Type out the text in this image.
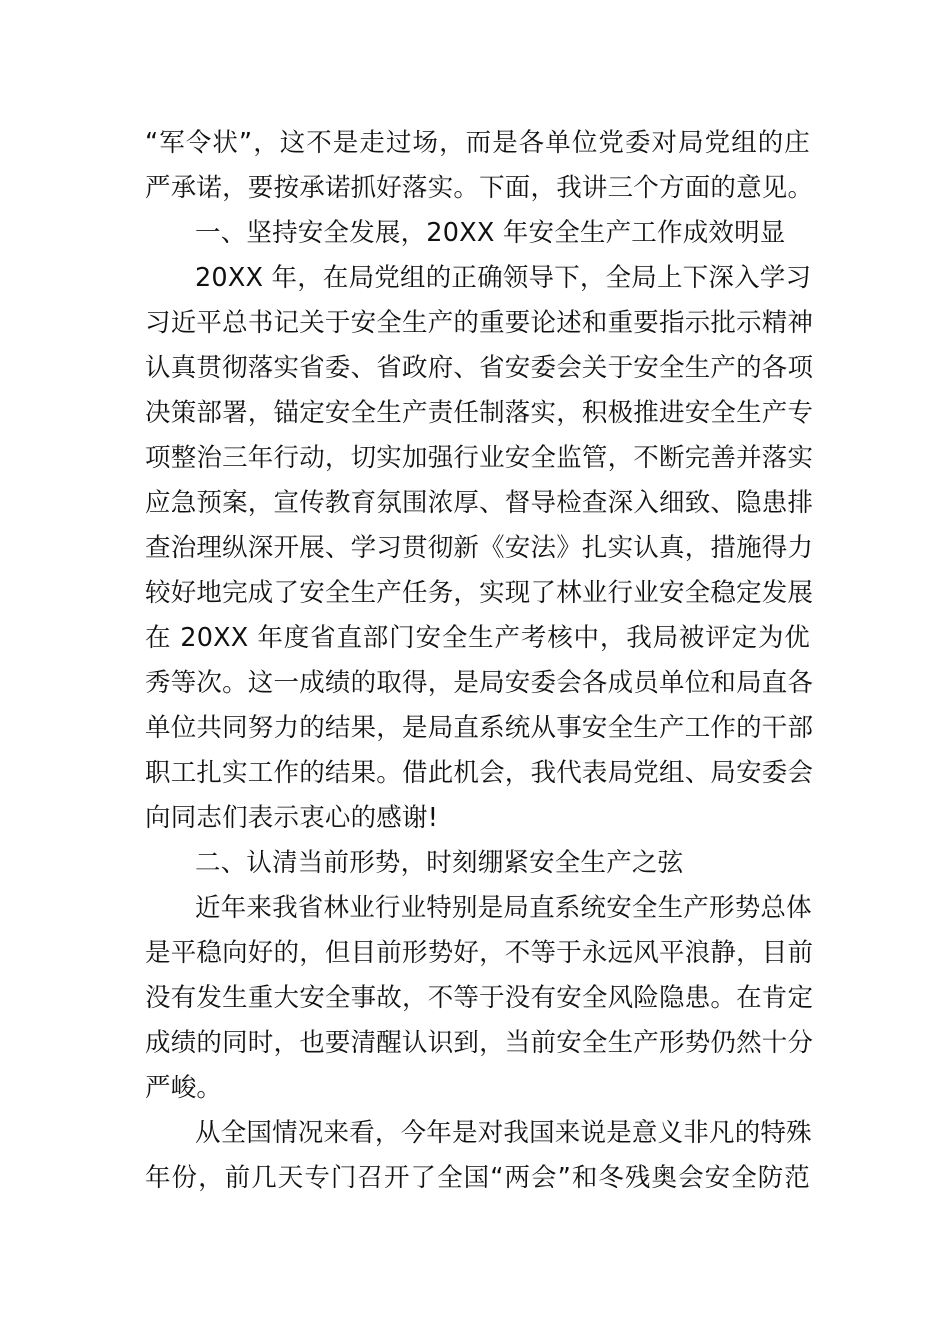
“军令状”，这不是走过场，而是各单位党委对局党组的庄
严承诺，要按承诺抓好落实。下面，我讲三个方面的意见。
一、坚持安全发展，20XX 年安全生产工作成效明显
20XX 年，在局党组的正确领导下，全局上下深入学习
习近平总书记关于安全生产的重要论述和重要指示批示精神
认真贯彻落实省委、省政府、省安委会关于安全生产的各项
决策部署，锚定安全生产责任制落实，积极推进安全生产专
项整治三年行动，切实加强行业安全监管，不断完善并落实
应急预案，宣传教育氛围浓厚、督导检查深入细致、隐患排
查治理纵深开展、学习贯彻新《安法》扎实认真，措施得力
较好地完成了安全生产任务，实现了林业行业安全稳定发展
在 20XX 年度省直部门安全生产考核中，我局被评定为优
秀等次。这一成绩的取得，是局安委会各成员单位和局直各
单位共同努力的结果，是局直系统从事安全生产工作的干部
职工扎实工作的结果。借此机会，我代表局党组、局安委会
向同志们表示衷心的感谢!
二、认清当前形势，时刻绷紧安全生产之弦
近年来我省林业行业特别是局直系统安全生产形势总体
是平稳向好的，但目前形势好，不等于永远风平浪静，目前
没有发生重大安全事故，不等于没有安全风险隐患。在肯定
成绩的同时，也要清醒认识到，当前安全生产形势仍然十分
严峻。
从全国情况来看，今年是对我国来说是意义非凡的特殊
年份，前几天专门召开了全国“两会”和冬残奥会安全防范
